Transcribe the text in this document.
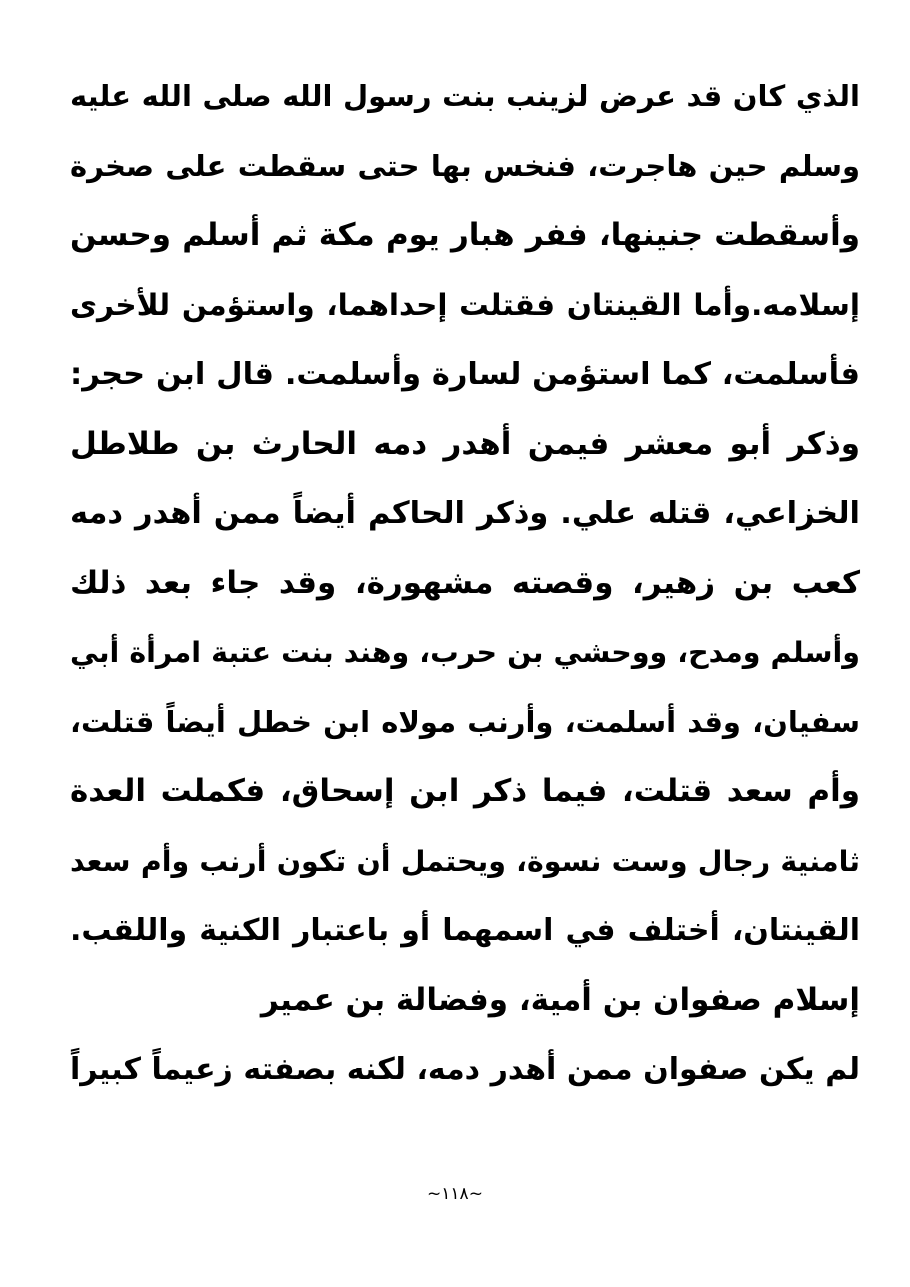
الذي كان قد عرض لزينب بنت رسول الله صلى الله عليه
وسلم حين هاجرت، فنخس بها حتى سقطت على صخرة
وأسقطت جنينها، ففر هبار يوم مكة ثم أسلم وحسن
إسلامه.وأما القينتان فقتلت إحداهما، واستؤمن للأخرى
فأسلمت، كما استؤمن لسارة وأسلمت. قال ابن حجر:
وذكر أبو معشر فيمن أهدر دمه الحارث بن طلاطل
الخزاعي، قتله علي. وذكر الحاكم أيضاً ممن أهدر دمه
كعب بن زهير، وقصته مشهورة، وقد جاء بعد ذلك
وأسلم ومدح، ووحشي بن حرب، وهند بنت عتبة امرأة أبي
سفيان، وقد أسلمت، وأرنب مولاه ابن خطل أيضاً قتلت،
وأم سعد قتلت، فيما ذكر ابن إسحاق، فكملت العدة
ثامنية رجال وست نسوة، ويحتمل أن تكون أرنب وأم سعد
القينتان، أختلف في اسمهما أو باعتبار الكنية واللقب.
إسلام صفوان بن أمية، وفضالة بن عمير
لم يكن صفوان ممن أهدر دمه، لكنه بصفته زعيماً كبيراً
~١١٨~
